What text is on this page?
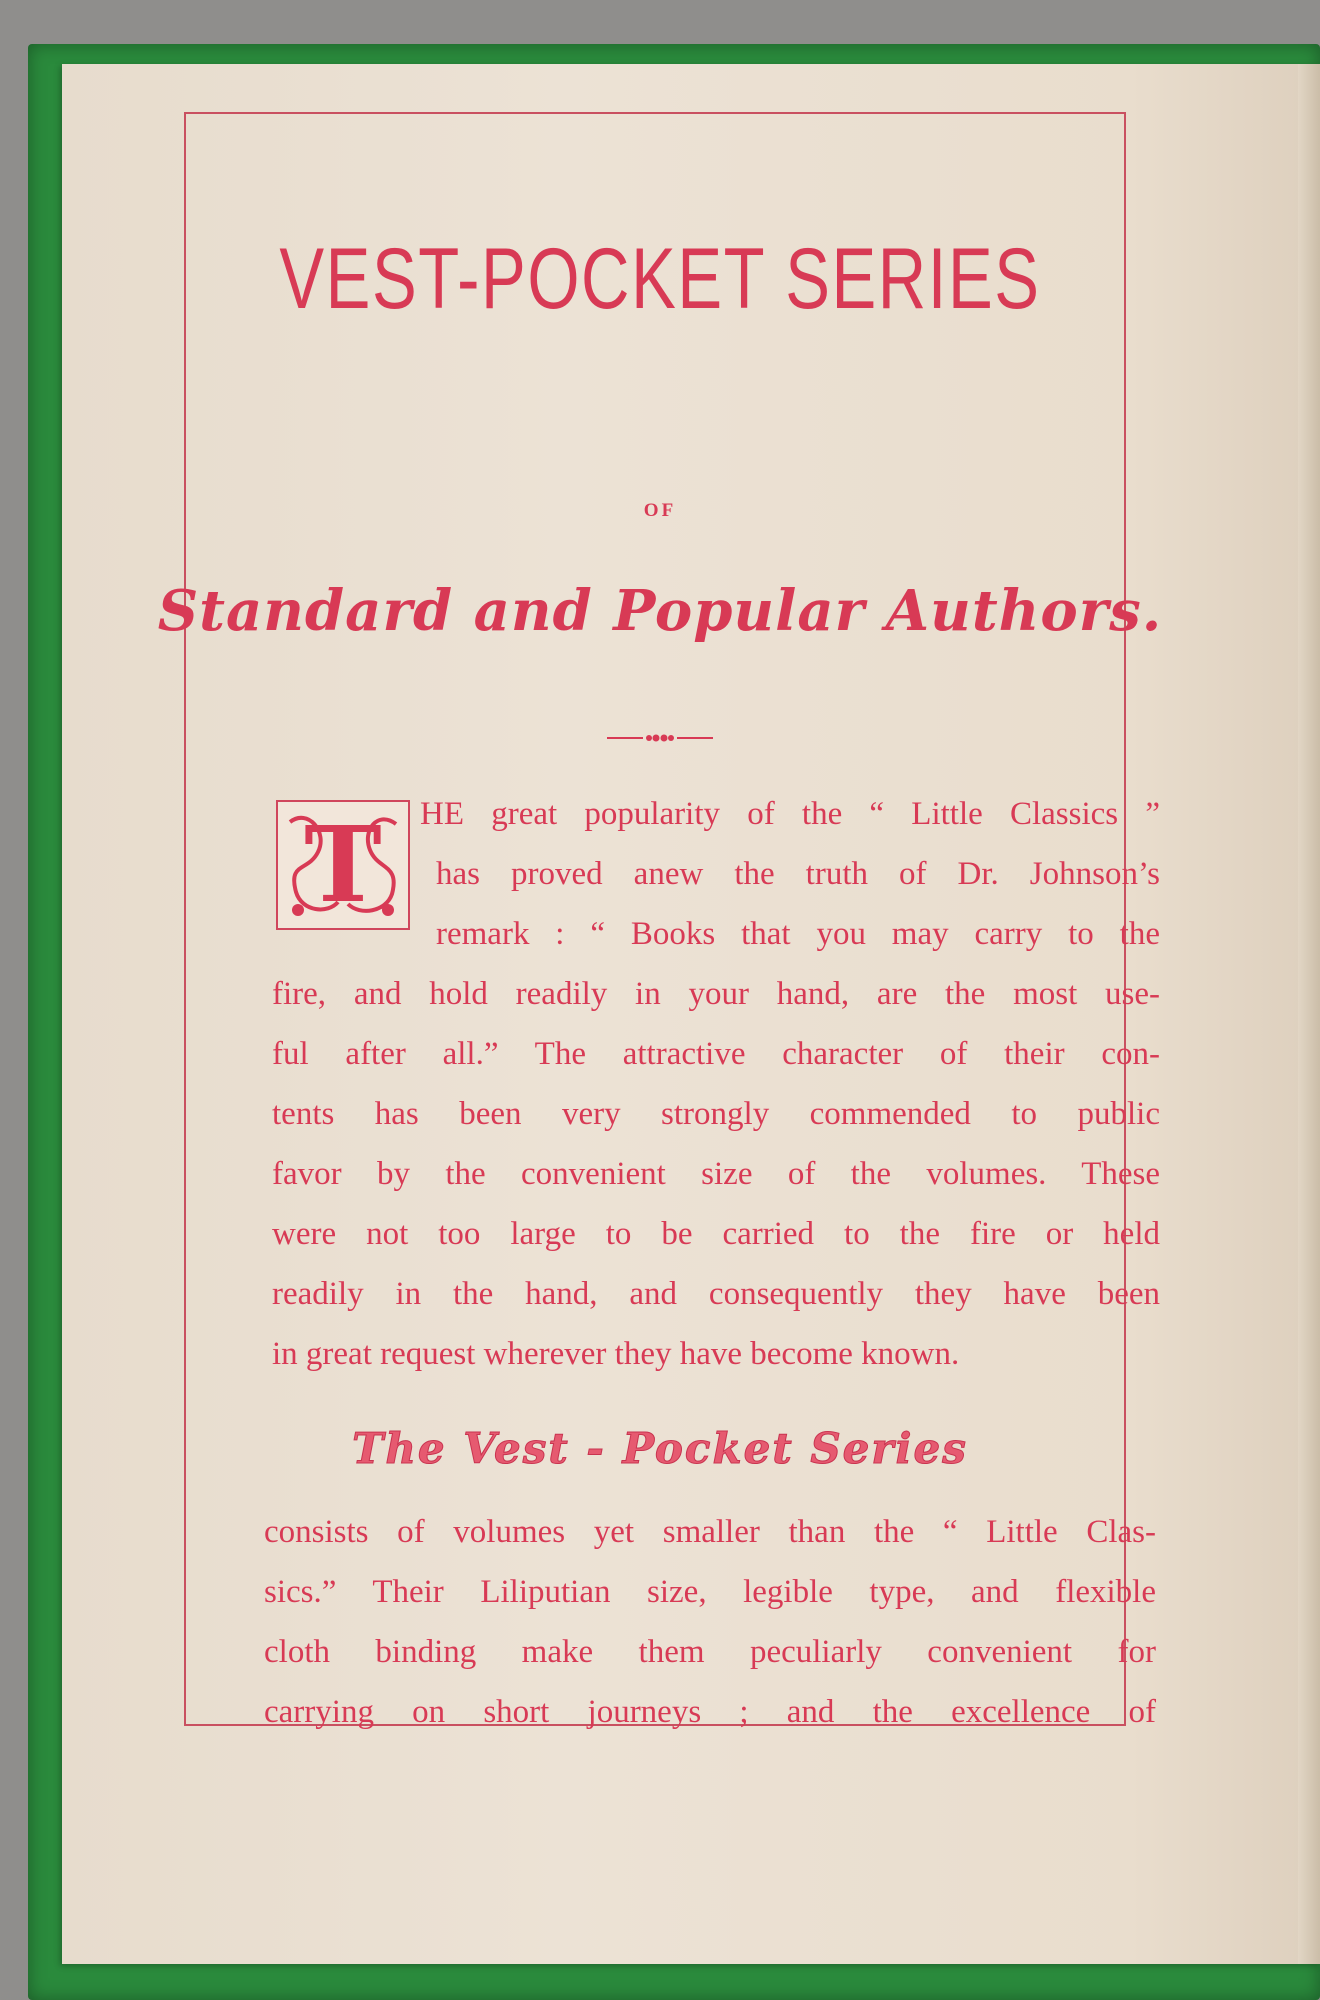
VEST-POCKET SERIES
OF
Standard and Popular Authors.
T	HE great popularity of the “ Little Classics ”
has proved anew the truth of Dr. Johnson’s
remark : “ Books that you may carry to the
fire, and hold readily in your hand, are the most use-
ful after all.” The attractive character of their con-
tents has been very strongly commended to public
favor by the convenient size of the volumes. These
were not too large to be carried to the fire or held
readily in the hand, and consequently they have been
in great request wherever they have become known.
The Vest - Pocket Series
consists of volumes yet smaller than the “ Little Clas-
sics.” Their Liliputian size, legible type, and flexible
cloth binding make them peculiarly convenient for
carrying on short journeys ; and the excellence of
